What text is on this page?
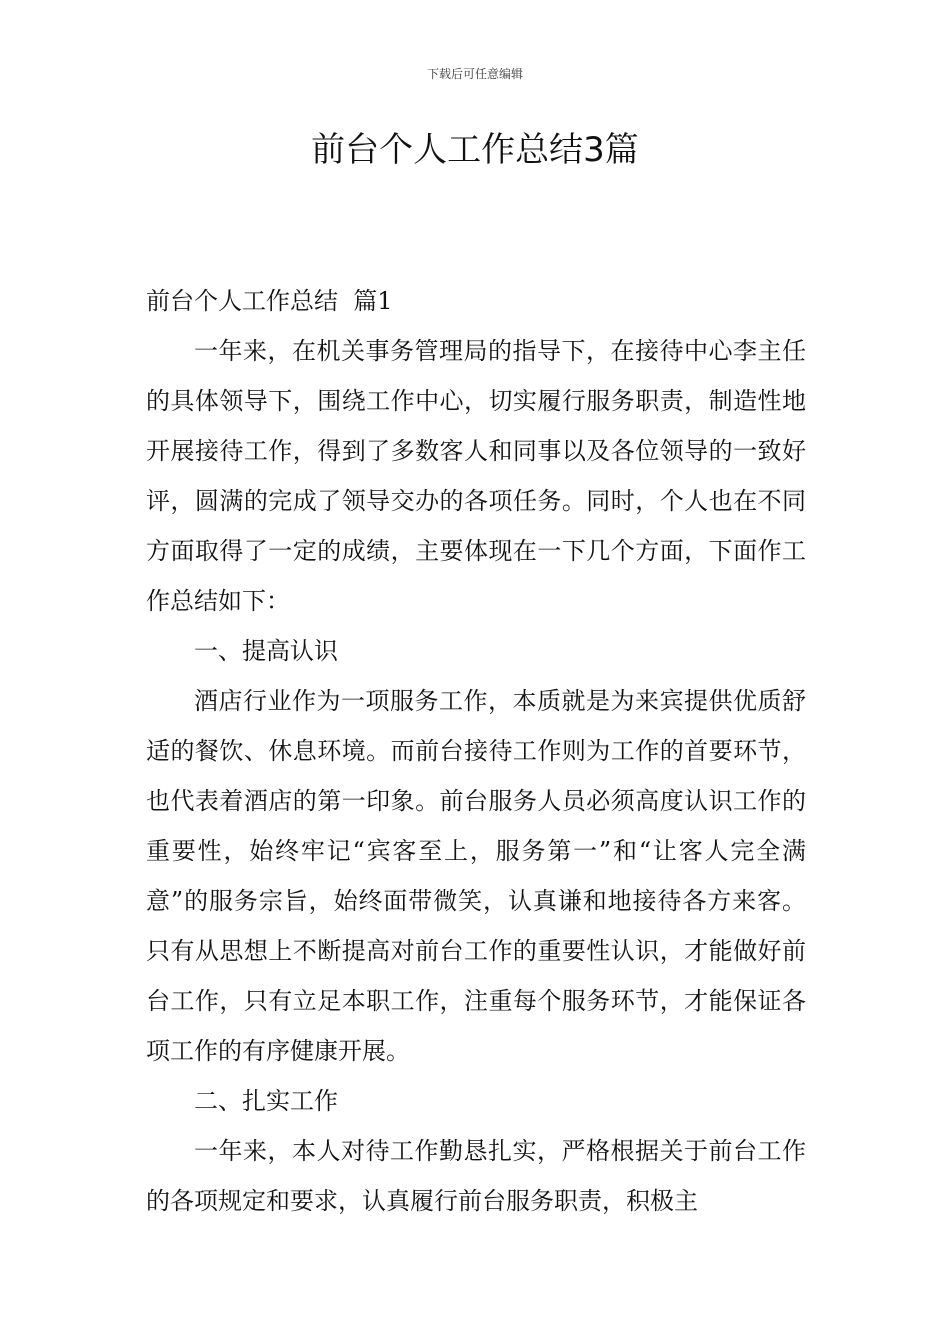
下载后可任意编辑
前台个人工作总结3篇

前台个人工作总结  篇1

一年来，在机关事务管理局的指导下，在接待中心李主任的具体领导下，围绕工作中心，切实履行服务职责，制造性地开展接待工作，得到了多数客人和同事以及各位领导的一致好评，圆满的完成了领导交办的各项任务。同时，个人也在不同方面取得了一定的成绩，主要体现在一下几个方面，下面作工作总结如下：

一、提高认识

酒店行业作为一项服务工作，本质就是为来宾提供优质舒适的餐饮、休息环境。而前台接待工作则为工作的首要环节，也代表着酒店的第一印象。前台服务人员必须高度认识工作的重要性，始终牢记“宾客至上，服务第一”和“让客人完全满意”的服务宗旨，始终面带微笑，认真谦和地接待各方来客。只有从思想上不断提高对前台工作的重要性认识，才能做好前台工作，只有立足本职工作，注重每个服务环节，才能保证各项工作的有序健康开展。

二、扎实工作

一年来，本人对待工作勤恳扎实，严格根据关于前台工作的各项规定和要求，认真履行前台服务职责，积极主
